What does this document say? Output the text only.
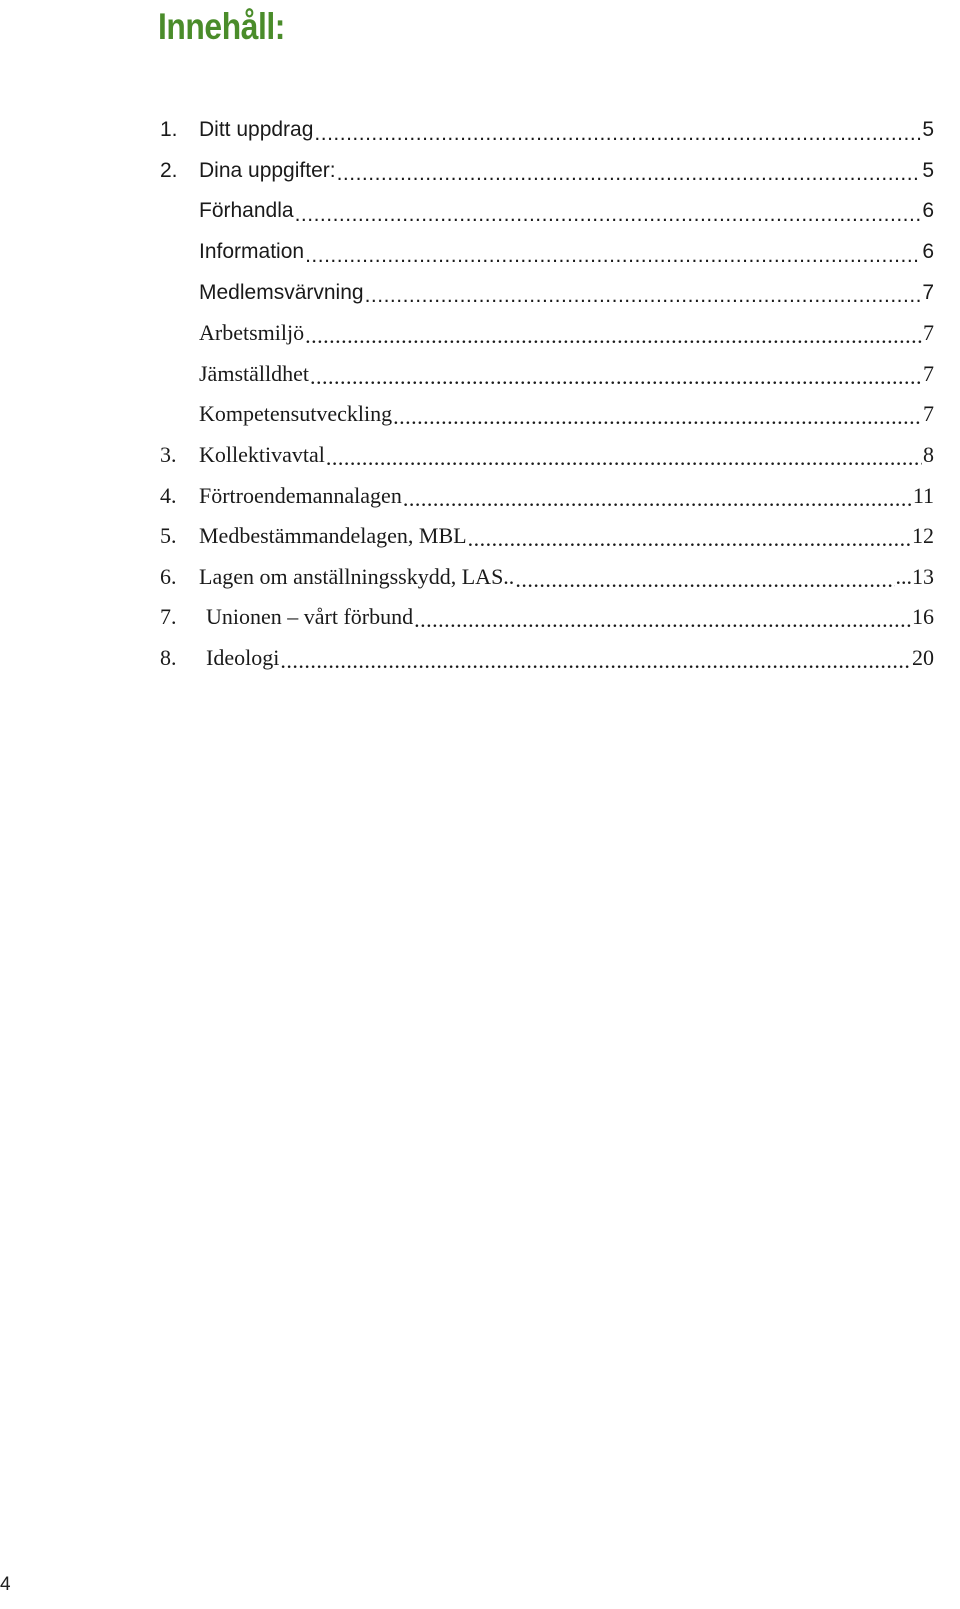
Innehåll:
1.	Ditt uppdrag .....	5
2.	Dina uppgifter: .....	5
Förhandla .....	6
Information .....	6
Medlemsvärvning .....	7
Arbetsmiljö .....	7
Jämställdhet .....	7
Kompetensutveckling .....	7
3.	Kollektivavtal .....	8
4.	Förtroendemannalagen .....	11
5.	Medbestämmandelagen, MBL .....	12
6.	Lagen om anställningsskydd, LAS.. .....	...13
7.	Unionen – vårt förbund .....	16
8.	Ideologi .....	20
4
